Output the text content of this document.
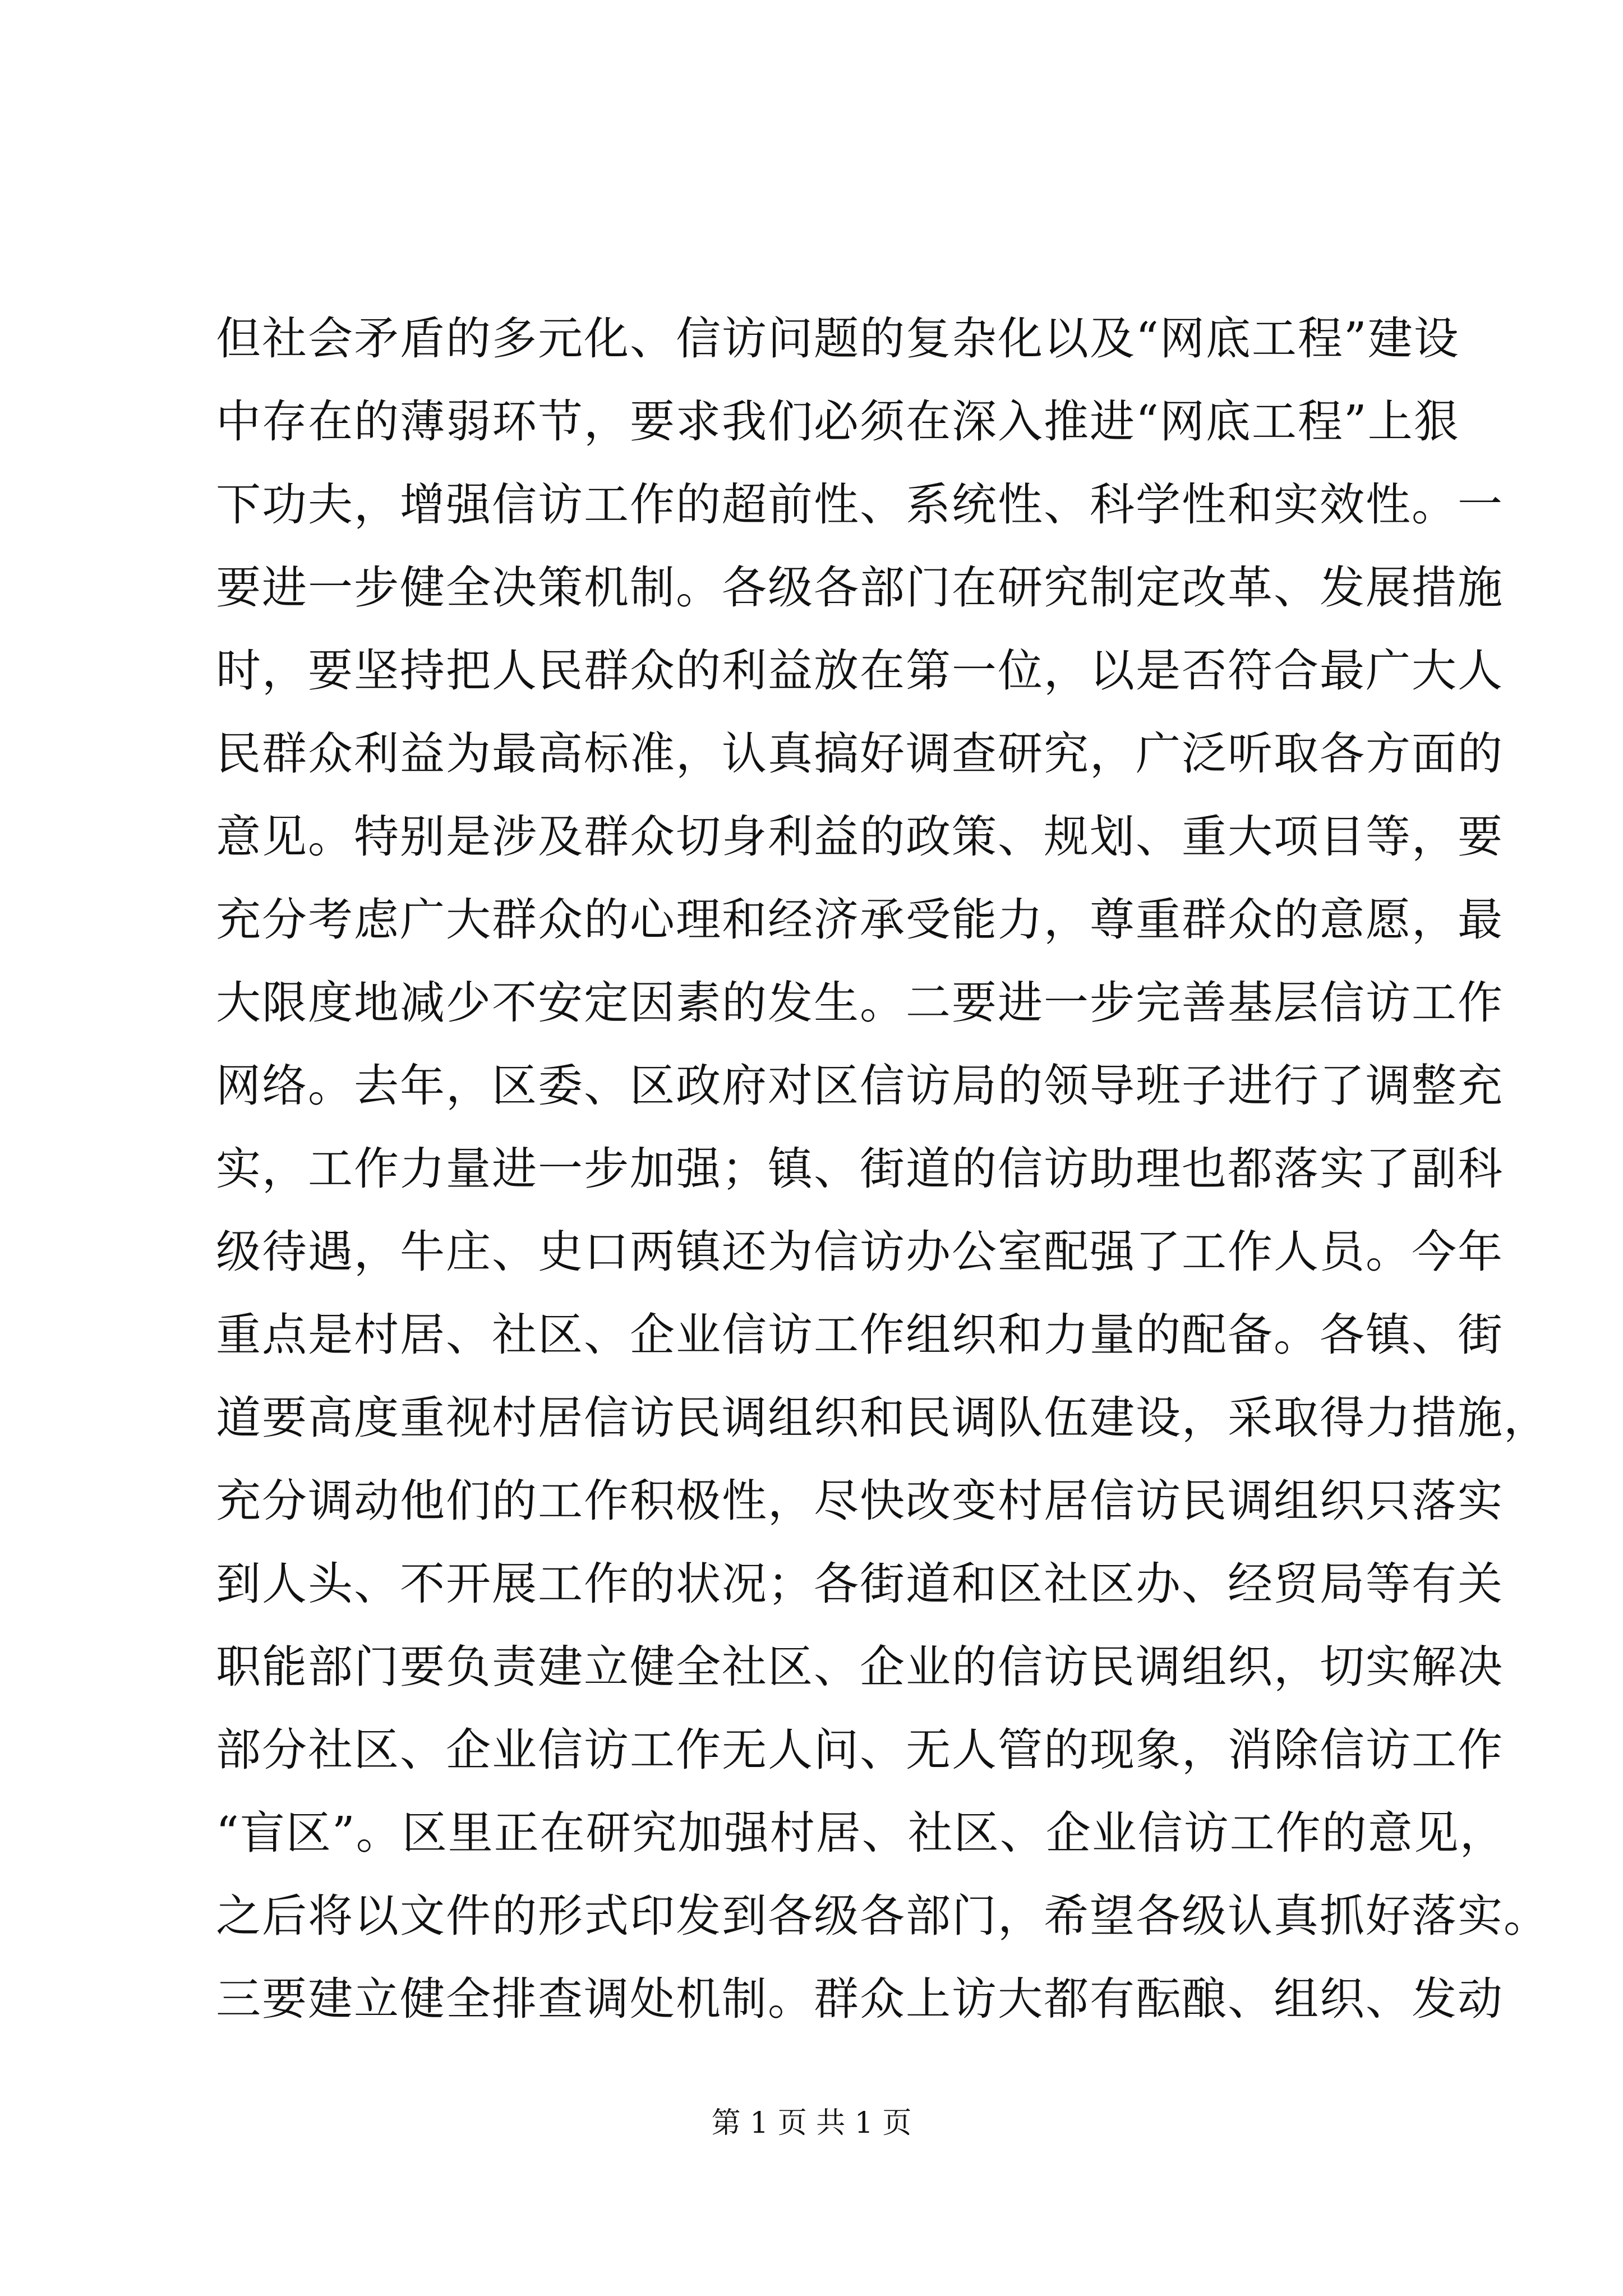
但社会矛盾的多元化、信访问题的复杂化以及“网底工程”建设
中存在的薄弱环节，要求我们必须在深入推进“网底工程”上狠
下功夫，增强信访工作的超前性、系统性、科学性和实效性。一
要进一步健全决策机制。各级各部门在研究制定改革、发展措施
时，要坚持把人民群众的利益放在第一位，以是否符合最广大人
民群众利益为最高标准，认真搞好调查研究，广泛听取各方面的
意见。特别是涉及群众切身利益的政策、规划、重大项目等，要
充分考虑广大群众的心理和经济承受能力，尊重群众的意愿，最
大限度地减少不安定因素的发生。二要进一步完善基层信访工作
网络。去年，区委、区政府对区信访局的领导班子进行了调整充
实，工作力量进一步加强；镇、街道的信访助理也都落实了副科
级待遇，牛庄、史口两镇还为信访办公室配强了工作人员。今年
重点是村居、社区、企业信访工作组织和力量的配备。各镇、街
道要高度重视村居信访民调组织和民调队伍建设，采取得力措施，
充分调动他们的工作积极性，尽快改变村居信访民调组织只落实
到人头、不开展工作的状况；各街道和区社区办、经贸局等有关
职能部门要负责建立健全社区、企业的信访民调组织，切实解决
部分社区、企业信访工作无人问、无人管的现象，消除信访工作
“盲区”。区里正在研究加强村居、社区、企业信访工作的意见，
之后将以文件的形式印发到各级各部门，希望各级认真抓好落实。
三要建立健全排查调处机制。群众上访大都有酝酿、组织、发动
第 1 页 共 1 页
